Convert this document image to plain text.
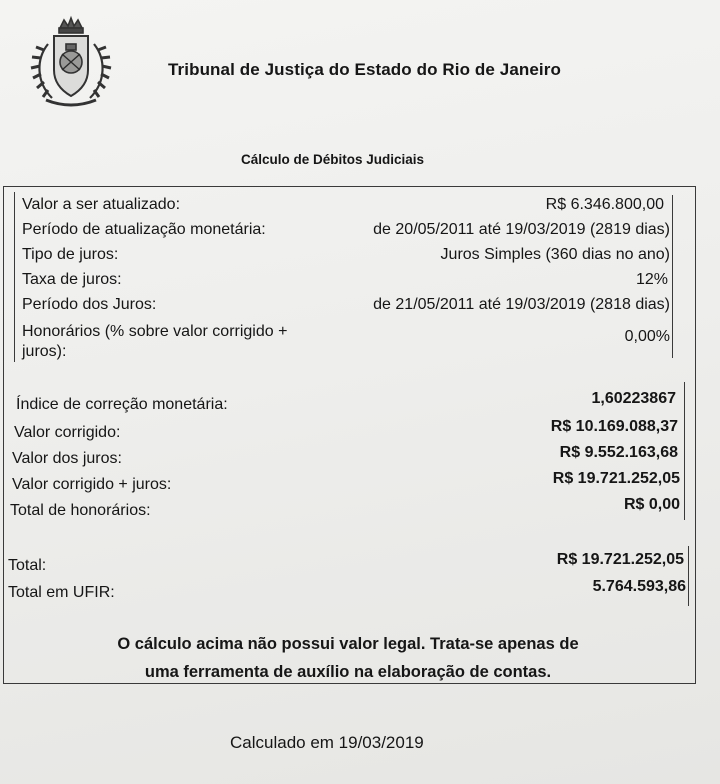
Tribunal de Justiça do Estado do Rio de Janeiro
Cálculo de Débitos Judiciais
Valor a ser atualizado:	R$ 6.346.800,00
Período de atualização monetária:	de 20/05/2011 até 19/03/2019 (2819 dias)
Tipo de juros:	Juros Simples (360 dias no ano)
Taxa de juros:	12%
Período dos Juros:	de 21/05/2011 até 19/03/2019 (2818 dias)
Honorários (% sobre valor corrigido + juros):
0,00%
Índice de correção monetária:	1,60223867
Valor corrigido:	R$ 10.169.088,37
Valor dos juros:	R$ 9.552.163,68
Valor corrigido + juros:	R$ 19.721.252,05
Total de honorários:	R$ 0,00
Total:	R$ 19.721.252,05
Total em UFIR:	5.764.593,86
O cálculo acima não possui valor legal. Trata-se apenas de
uma ferramenta de auxílio na elaboração de contas.
Calculado em 19/03/2019
